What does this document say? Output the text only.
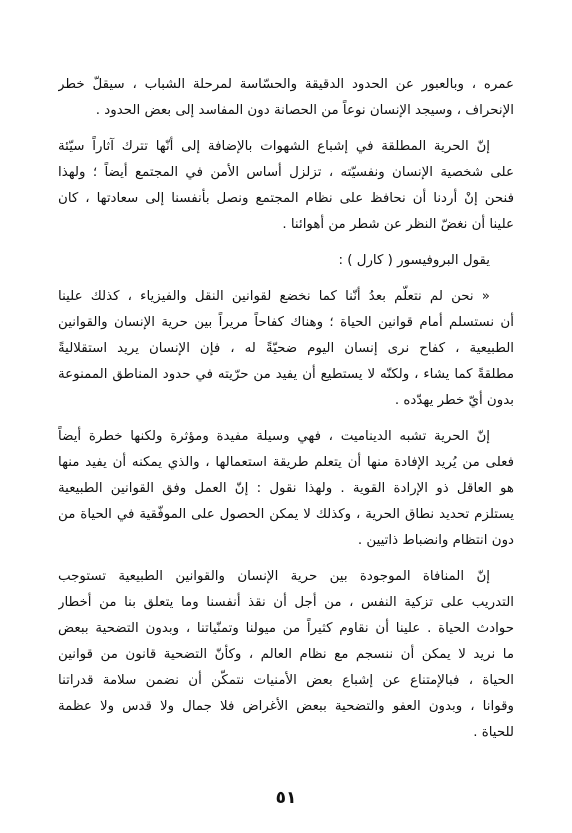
عمره ، وبالعبور عن الحدود الدقيقة والحسّاسة لمرحلة الشباب ، سيقلّ خطر
الإنحراف ، وسيجد الإنسان نوعاً من الحصانة دون المفاسد إلى بعض الحدود .
إنّ الحرية المطلقة في إشباع الشهوات بالإضافة إلى أنّها تترك آثاراً سيّئة
على شخصية الإنسان ونفسيّته ، تزلزل أساس الأمن في المجتمع أيضاً ؛ ولهذا
فنحن إنْ أردنا أن نحافظ على نظام المجتمع ونصل بأنفسنا إلى سعادتها ، كان
علينا أن نغضّ النظر عن شطر من أهوائنا .
يقول البروفيسور ( كارل ) :
« نحن لم نتعلّم بعدُ أنّنا كما نخضع لقوانين النقل والفيزياء ، كذلك علينا
أن نستسلم أمام قوانين الحياة ؛ وهناك كفاحاً مريراً بين حرية الإنسان والقوانين
الطبيعية ، كفاح نرى إنسان اليوم ضحيّةً له ، فإن الإنسان يريد استقلاليةً
مطلقةً كما يشاء ، ولكنّه لا يستطيع أن يفيد من حرّيته في حدود المناطق الممنوعة
بدون أيّ خطر يهدّده .
إنّ الحرية تشبه الديناميت ، فهي وسيلة مفيدة ومؤثرة ولكنها خطرة أيضاً
فعلى من يُريد الإفادة منها أن يتعلم طريقة استعمالها ، والذي يمكنه أن يفيد منها
هو العاقل ذو الإرادة القوية . ولهذا نقول : إنّ العمل وفق القوانين الطبيعية
يستلزم تحديد نطاق الحرية ، وكذلك لا يمكن الحصول على الموفّقية في الحياة من
دون انتظام وانضباط ذاتيين .
إنّ المنافاة الموجودة بين حرية الإنسان والقوانين الطبيعية تستوجب
التدريب على تزكية النفس ، من أجل أن نقذ أنفسنا وما يتعلق بنا من أخطار
حوادث الحياة . علينا أن نقاوم كثيراً من ميولنا وتمنّياتنا ، وبدون التضحية ببعض
ما نريد لا يمكن أن ننسجم مع نظام العالم ، وكأنّ التضحية قانون من قوانين
الحياة ، فبالإمتناع عن إشباع بعض الأمنيات نتمكّن أن نضمن سلامة قدراتنا
وقوانا ، وبدون العفو والتضحية ببعض الأغراض فلا جمال ولا قدس ولا عظمة
للحياة .
٥١
